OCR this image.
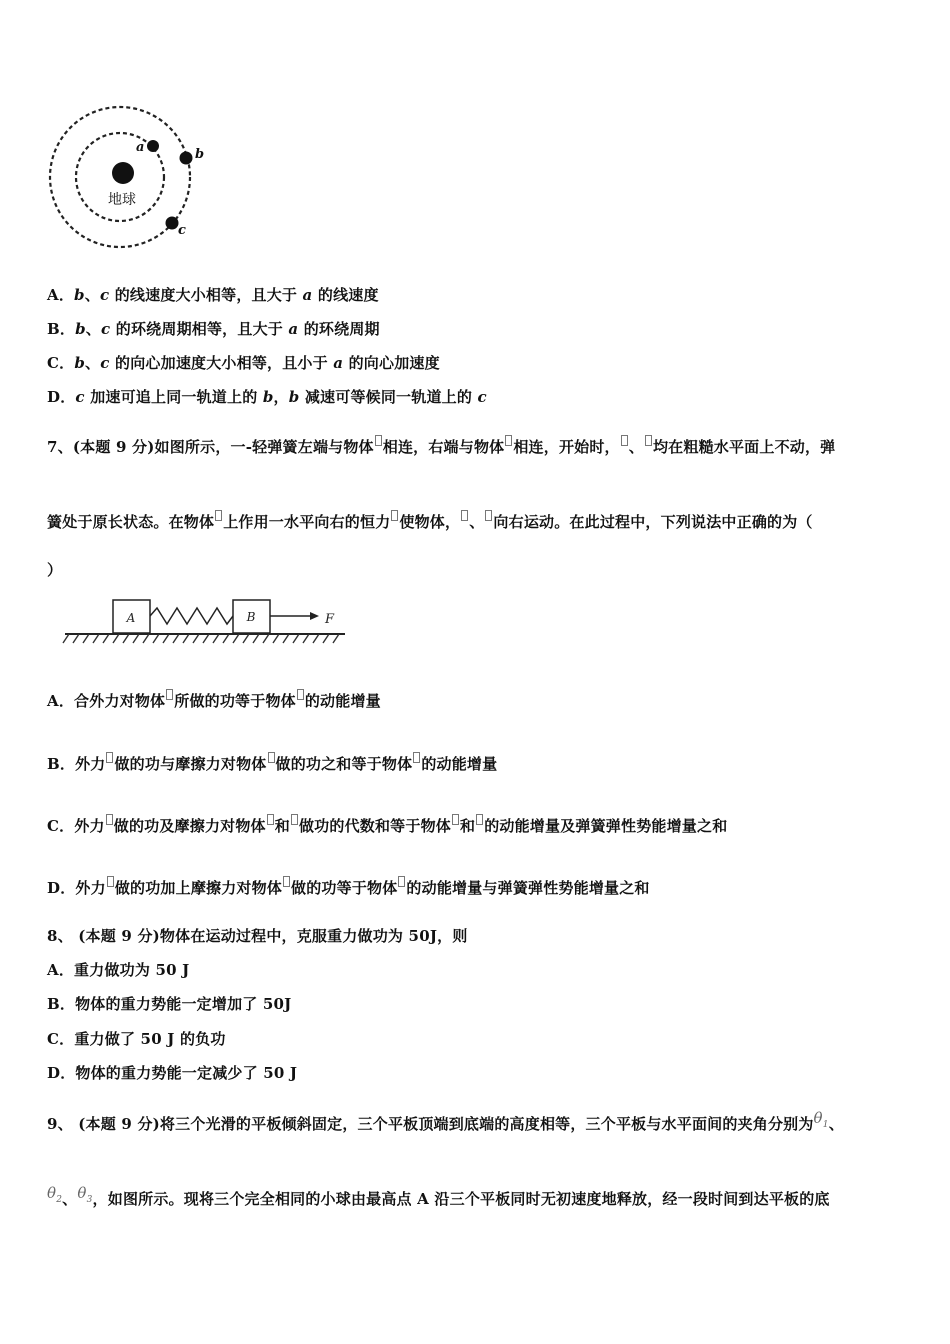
地球
a	b
c
A．b、c 的线速度大小相等，且大于 a 的线速度
B．b、c 的环绕周期相等，且大于 a 的环绕周期
C．b、c 的向心加速度大小相等，且小于 a 的向心加速度
D．c 加速可追上同一轨道上的 b，b 减速可等候同一轨道上的 c
7、(本题 9 分)如图所示，一-轻弹簧左端与物体 相连，右端与物体 相连，开始时， 、 均在粗糙水平面上不动，弹
簧处于原长状态。在物体 上作用一水平向右的恒力 使物体， 、 向右运动。在此过程中，下列说法中正确的为（
）
A	B	F
A．合外力对物体 所做的功等于物体 的动能增量
B．外力 做的功与摩擦力对物体 做的功之和等于物体 的动能增量
C．外力 做的功及摩擦力对物体 和 做功的代数和等于物体 和 的动能增量及弹簧弹性势能增量之和
D．外力 做的功加上摩擦力对物体 做的功等于物体 的动能增量与弹簧弹性势能增量之和
8、 (本题 9 分)物体在运动过程中，克服重力做功为 50J，则
A．重力做功为 50 J
B．物体的重力势能一定增加了 50J
C．重力做了 50 J 的负功
D．物体的重力势能一定减少了 50 J
9、 (本题 9 分)将三个光滑的平板倾斜固定，三个平板顶端到底端的高度相等，三个平板与水平面间的夹角分别为$\theta_1$、
$\theta_2$、$\theta_3$，如图所示。现将三个完全相同的小球由最高点 A 沿三个平板同时无初速度地释放，经一段时间到达平板的底
